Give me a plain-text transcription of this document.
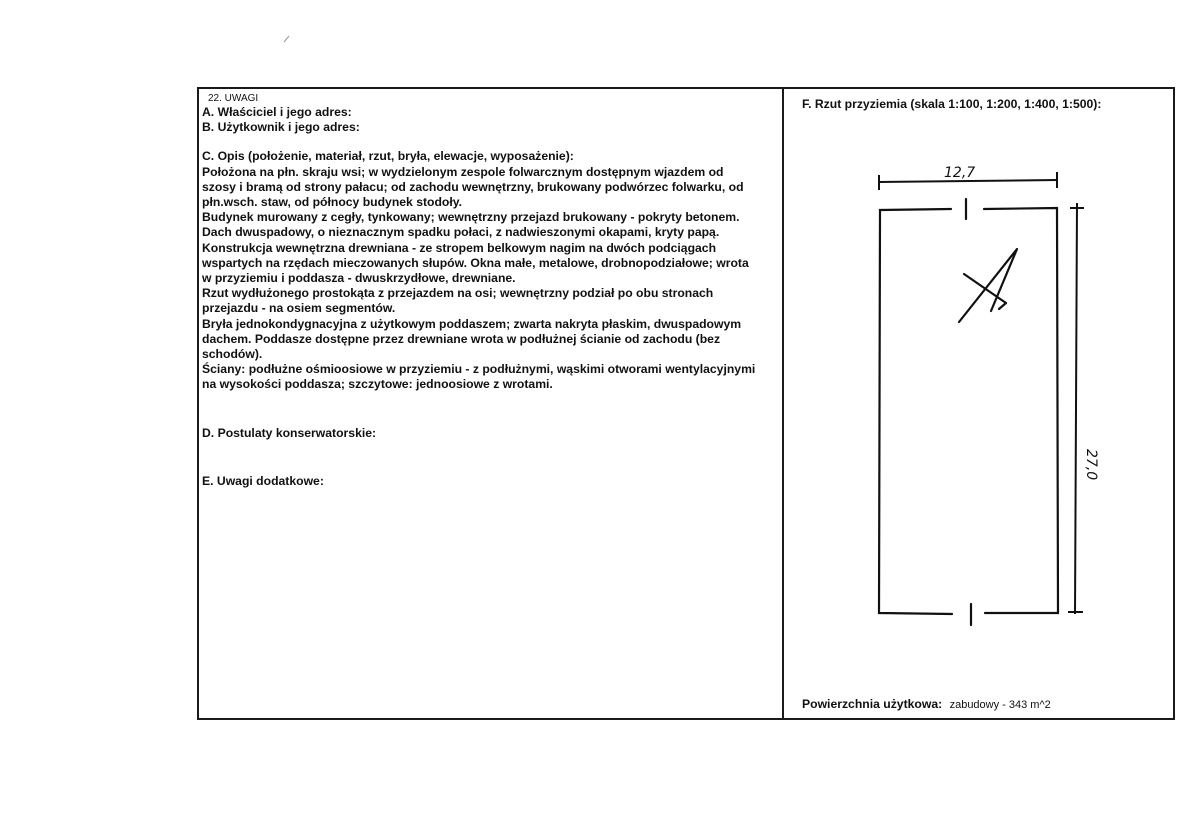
22. UWAGI
A. Właściciel i jego adres:
B. Użytkownik i jego adres:
C. Opis (położenie, materiał, rzut, bryła, elewacje, wyposażenie):
Położona na płn. skraju wsi; w wydzielonym zespole folwarcznym dostępnym wjazdem od
szosy i bramą od strony pałacu; od zachodu wewnętrzny, brukowany podwórzec folwarku, od
płn.wsch. staw, od północy budynek stodoły.
Budynek murowany z cegły, tynkowany; wewnętrzny przejazd brukowany - pokryty betonem.
Dach dwuspadowy, o nieznacznym spadku połaci, z nadwieszonymi okapami, kryty papą.
Konstrukcja wewnętrzna drewniana - ze stropem belkowym nagim na dwóch podciągach
wspartych na rzędach mieczowanych słupów. Okna małe, metalowe, drobnopodziałowe; wrota
w przyziemiu i poddasza - dwuskrzydłowe, drewniane.
Rzut wydłużonego prostokąta z przejazdem na osi; wewnętrzny podział po obu stronach
przejazdu - na osiem segmentów.
Bryła jednokondygnacyjna z użytkowym poddaszem; zwarta nakryta płaskim, dwuspadowym
dachem. Poddasze dostępne przez drewniane wrota w podłużnej ścianie od zachodu (bez
schodów).
Ściany: podłużne ośmioosiowe w przyziemiu - z podłużnymi, wąskimi otworami wentylacyjnymi
na wysokości poddasza; szczytowe: jednoosiowe z wrotami.
D. Postulaty konserwatorskie:
E. Uwagi dodatkowe:
F. Rzut przyziemia (skala 1:100, 1:200, 1:400, 1:500):
12,7
27,0
Powierzchnia użytkowa: zabudowy - 343 m^2
